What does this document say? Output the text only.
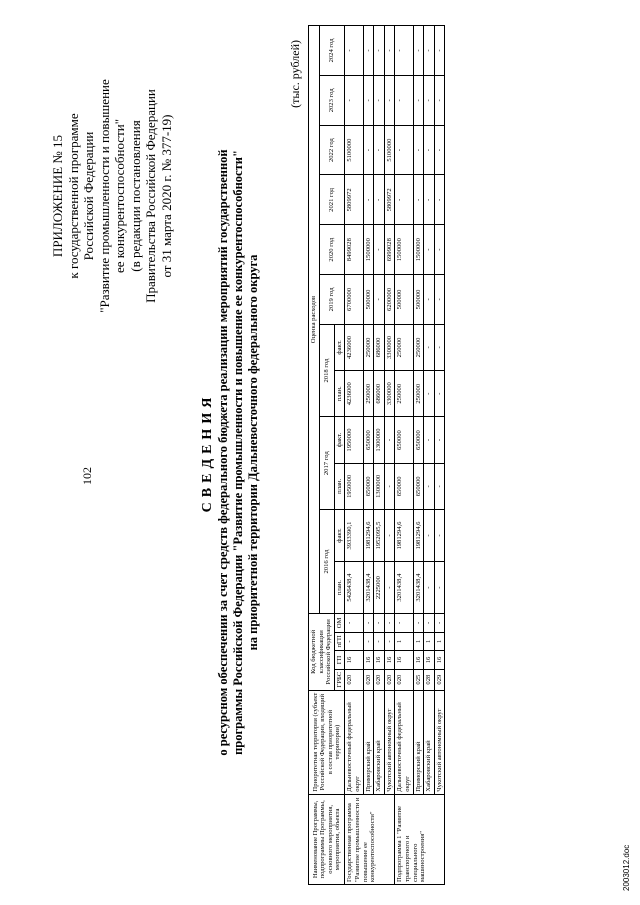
102
ПРИЛОЖЕНИЕ № 15 к государственной программе Российской Федерации "Развитие промышленности и повышение ее конкурентоспособности" (в редакции постановления Правительства Российской Федерации от 31 марта 2020 г. № 377-19)
СВЕДЕНИЯ о ресурсном обеспечении за счет средств федерального бюджета реализации мероприятий государственной программы Российской Федерации "Развитие промышленности и повышение ее конкурентоспособности" на приоритетной территории Дальневосточного федерального округа
(тыс. рублей)
Наименование Программы, подпрограммы Программы, основного мероприятия, мероприятия, объекта	Приоритетная территория (субъект Российской Федерации, входящий в состав приоритетной территории)	Код бюджетной классификации Российской Федерации				Оценка расходов											
						2016 год		2017 год		2018 год		2019 год	2020 год	2021 год	2022 год	2023 год	2024 год
		ГРБС	ГП	пГП	ОМ	план.	факт.	план.	факт.	план.	факт.						
Государственная программа "Развитие промышленности и повышение ее конкурентоспособности"	Дальневосточный федеральный округ	020	16	-	-	5426438,4	3933390,1	1950000	1950000	4236000	4236000	6700000	8499028	5809972	5100000	-	-
	Приморский край	020	16	-	-	3201438,4	1981294,6	650000	650000	250000	250000	500000	1500000	-	-	-	-
	Хабаровский край	020	16	-	-	2225000	1952095,5	1300000	1300000	686000	686000	-	-	-	-	-	-
	Чукотский автономный округ	020	16	-	-	-	-	-	-	3300000	3300000	6200000	6999028	5809972	5100000	-	-
Подпрограмма 1 "Развитие транспортного и специального машиностроения"	Дальневосточный федеральный округ	020	16	1	-	3201438,4	1981294,6	650000	650000	250000	250000	500000	1500000	-	-	-	-
	Приморский край	025	16	1	-	3201438,4	1981294,6	650000	650000	250000	250000	500000	1500000	-	-	-	-
	Хабаровский край	028	16	1	-	-	-	-	-	-	-	-	-	-	-	-	-
	Чукотский автономный округ	029	16	1	-	-	-	-	-	-	-	-	-	-	-	-	-
2003012.doc
